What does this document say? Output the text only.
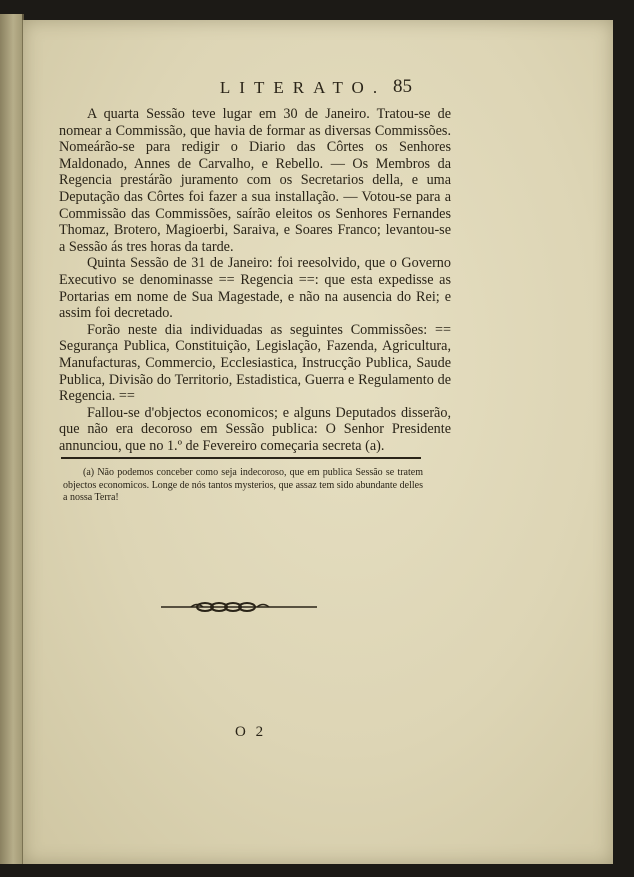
LITERATO. 85

A quarta Sessão teve lugar em 30 de Janeiro. Tratou-se de nomear a Commissão, que havia de formar as diversas Commissões. Nomeárão-se para redigir o Diario das Côrtes os Senhores Maldonado, Annes de Carvalho, e Rebello. — Os Membros da Regencia prestárão juramento com os Secretarios della, e uma Deputação das Côrtes foi fazer a sua installação. — Votou-se para a Commissão das Commissões, saírão eleitos os Senhores Fernandes Thomaz, Brotero, Magioerbi, Saraiva, e Soares Franco; levantou-se a Sessão ás tres horas da tarde.

Quinta Sessão de 31 de Janeiro: foi reesolvido, que o Governo Executivo se denominasse == Regencia ==: que esta expedisse as Portarias em nome de Sua Magestade, e não na ausencia do Rei; e assim foi decretado.

Forão neste dia individuadas as seguintes Commissões: == Segurança Publica, Constituição, Legislação, Fazenda, Agricultura, Manufacturas, Commercio, Ecclesiastica, Instrucção Publica, Saude Publica, Divisão do Territorio, Estadistica, Guerra e Regulamento de Regencia. ==

Fallou-se d'objectos economicos; e alguns Deputados disserão, que não era decoroso em Sessão publica: O Senhor Presidente annunciou, que no 1.º de Fevereiro começaria secreta (a).

(a) Não podemos conceber como seja indecoroso, que em publica Sessão se tratem objectos economicos. Longe de nós tantos mysterios, que assaz tem sido abundante delles a nossa Terra!
O 2
